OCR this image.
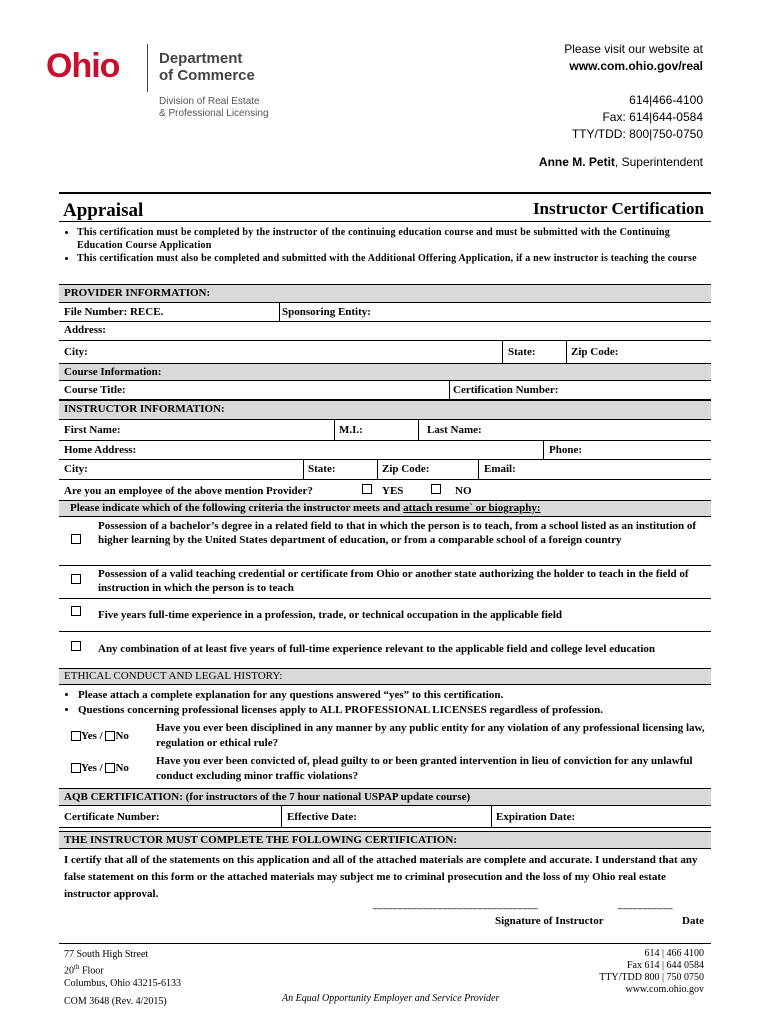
Ohio	Department
of Commerce
Division of Real Estate
& Professional Licensing
Please visit our website at
www.com.ohio.gov/real
614|466-4100
Fax: 614|644-0584
TTY/TDD: 800|750-0750
Anne M. Petit, Superintendent
Appraisal	Instructor Certification
• This certification must be completed by the instructor of the continuing education course and must be submitted with the Continuing Education Course Application
• This certification must also be completed and submitted with the Additional Offering Application, if a new instructor is teaching the course
PROVIDER INFORMATION:
File Number: RECE.	Sponsoring Entity:
Address:
City:	State:	Zip Code:
Course Information:
Course Title:	Certification Number:
INSTRUCTOR INFORMATION:
First Name:	M.I.:	Last Name:
Home Address:	Phone:
City:	State:	Zip Code:	Email:
Are you an employee of the above mention Provider?	YES	NO
Please indicate which of the following criteria the instructor meets and attach resume` or biography:
Possession of a bachelor’s degree in a related field to that in which the person is to teach, from a school listed as an institution of higher learning by the United States department of education, or from a comparable school of a foreign country
Possession of a valid teaching credential or certificate from Ohio or another state authorizing the holder to teach in the field of instruction in which the person is to teach
Five years full-time experience in a profession, trade, or technical occupation in the applicable field
Any combination of at least five years of full-time experience relevant to the applicable field and college level education
ETHICAL CONDUCT AND LEGAL HISTORY:
• Please attach a complete explanation for any questions answered “yes” to this certification.
• Questions concerning professional licenses apply to ALL PROFESSIONAL LICENSES regardless of profession.
Yes / No
Have you ever been disciplined in any manner by any public entity for any violation of any professional licensing law, regulation or ethical rule?
Yes / No
Have you ever been convicted of, plead guilty to or been granted intervention in lieu of conviction for any unlawful conduct excluding minor traffic violations?
AQB CERTIFICATION: (for instructors of the 7 hour national USPAP update course)
Certificate Number:	Effective Date:	Expiration Date:
THE INSTRUCTOR MUST COMPLETE THE FOLLOWING CERTIFICATION:
I certify that all of the statements on this application and all of the attached materials are complete and accurate. I understand that any false statement on this form or the attached materials may subject me to criminal prosecution and the loss of my Ohio real estate instructor approval.
_________________________________	___________
Signature of Instructor	Date
77 South High Street
20th Floor
Columbus, Ohio 43215-6133
COM 3648 (Rev. 4/2015)	An Equal Opportunity Employer and Service Provider
614 | 466 4100
Fax 614 | 644 0584
TTY/TDD 800 | 750 0750
www.com.ohio.gov
